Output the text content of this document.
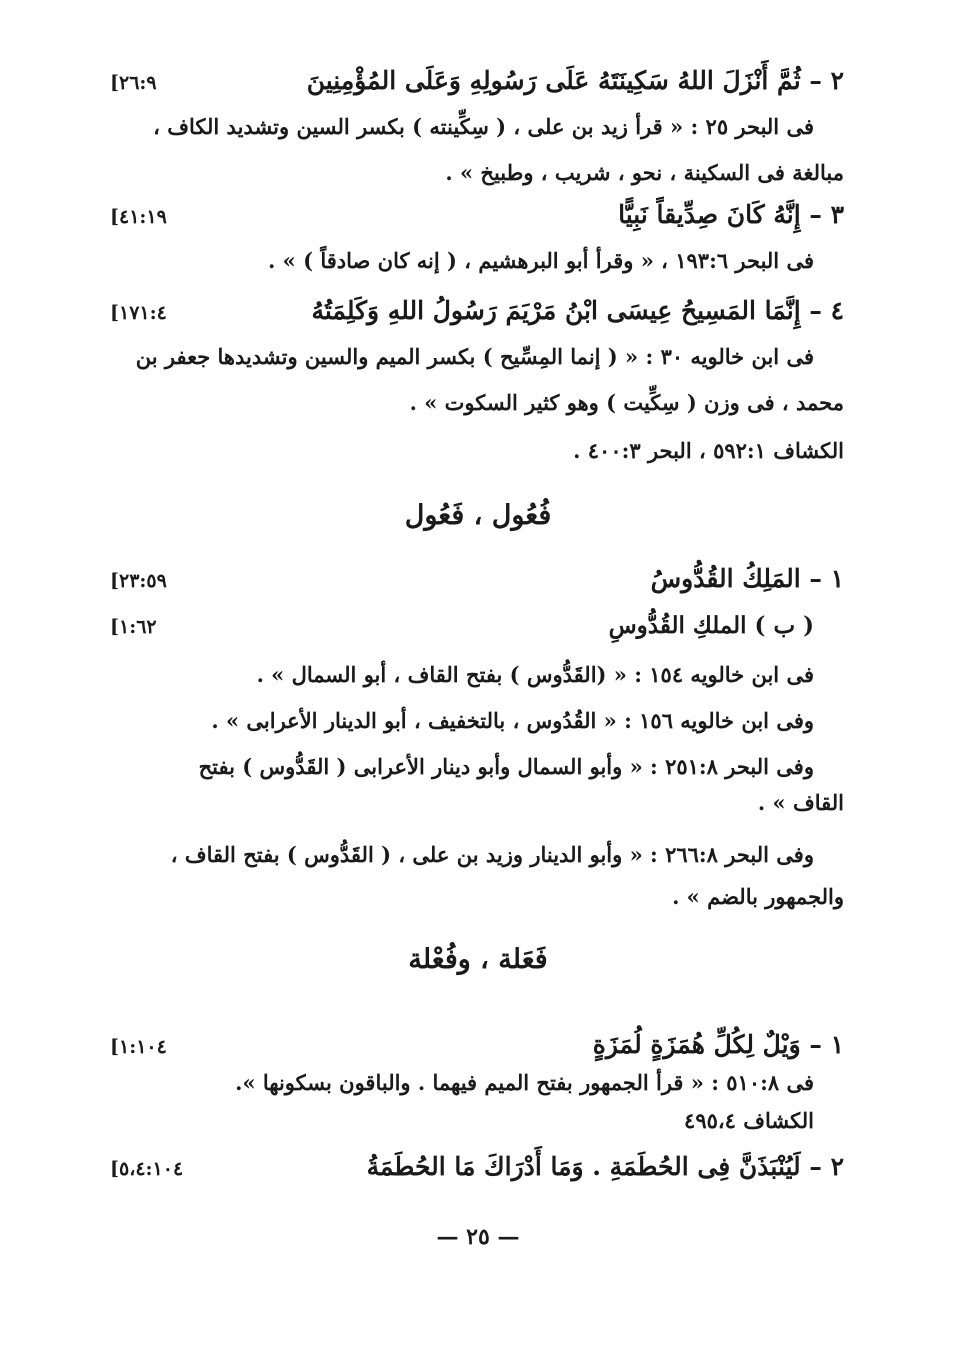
٢ – ثُمَّ أَنْزَلَ اللهُ سَكِينَتَهُ عَلَى رَسُولِهِ وَعَلَى المُؤْمِنِينَ
[٢٦:٩
فى البحر ٢٥ : « قرأ زيد بن على ، ( سِكِّينته ) بكسر السين وتشديد الكاف ،
مبالغة فى السكينة ، نحو ، شريب ، وطبيخ » .
٣ – إِنَّهُ كَانَ صِدِّيقاً نَبِيًّا
[٤١:١٩
فى البحر ١٩٣:٦ ، « وقرأ أبو البرهشيم ، ( إنه كان صادقاً ) » .
٤ – إِنَّمَا المَسِيحُ عِيسَى ابْنُ مَرْيَمَ رَسُولُ اللهِ وَكَلِمَتُهُ
[١٧١:٤
فى ابن خالويه ٣٠ : « ( إنما المِسِّيح ) بكسر الميم والسين وتشديدها جعفر بن
محمد ، فى وزن ( سِكِّيت ) وهو كثير السكوت » .
الكشاف ٥٩٢:١ ، البحر ٤٠٠:٣ .
فُعُول ، فَعُول
١ – المَلِكُ القُدُّوسُ
[٢٣:٥٩
( ب ) الملكِ القُدُّوسِ
[١:٦٢
فى ابن خالويه ١٥٤ : « (القَدُّوس ) بفتح القاف ، أبو السمال » .
وفى ابن خالويه ١٥٦ : « القُدُوس ، بالتخفيف ، أبو الدينار الأعرابى » .
وفى البحر ٢٥١:٨ : « وأبو السمال وأبو دينار الأعرابى ( القَدُّوس ) بفتح
القاف » .
وفى البحر ٢٦٦:٨ : « وأبو الدينار وزيد بن على ، ( القَدُّوس ) بفتح القاف ،
والجمهور بالضم » .
فَعَلة ، وفُعْلة
١ – وَيْلٌ لِكُلِّ هُمَزَةٍ لُمَزَةٍ
[١:١٠٤
فى ٥١٠:٨ : « قرأ الجمهور بفتح الميم فيهما . والباقون بسكونها ».
الكشاف ٤٩٥،٤
٢ – لَيُنْبَذَنَّ فِى الحُطَمَةِ . وَمَا أَدْرَاكَ مَا الحُطَمَةُ
[٥،٤:١٠٤
— ٢٥ —
